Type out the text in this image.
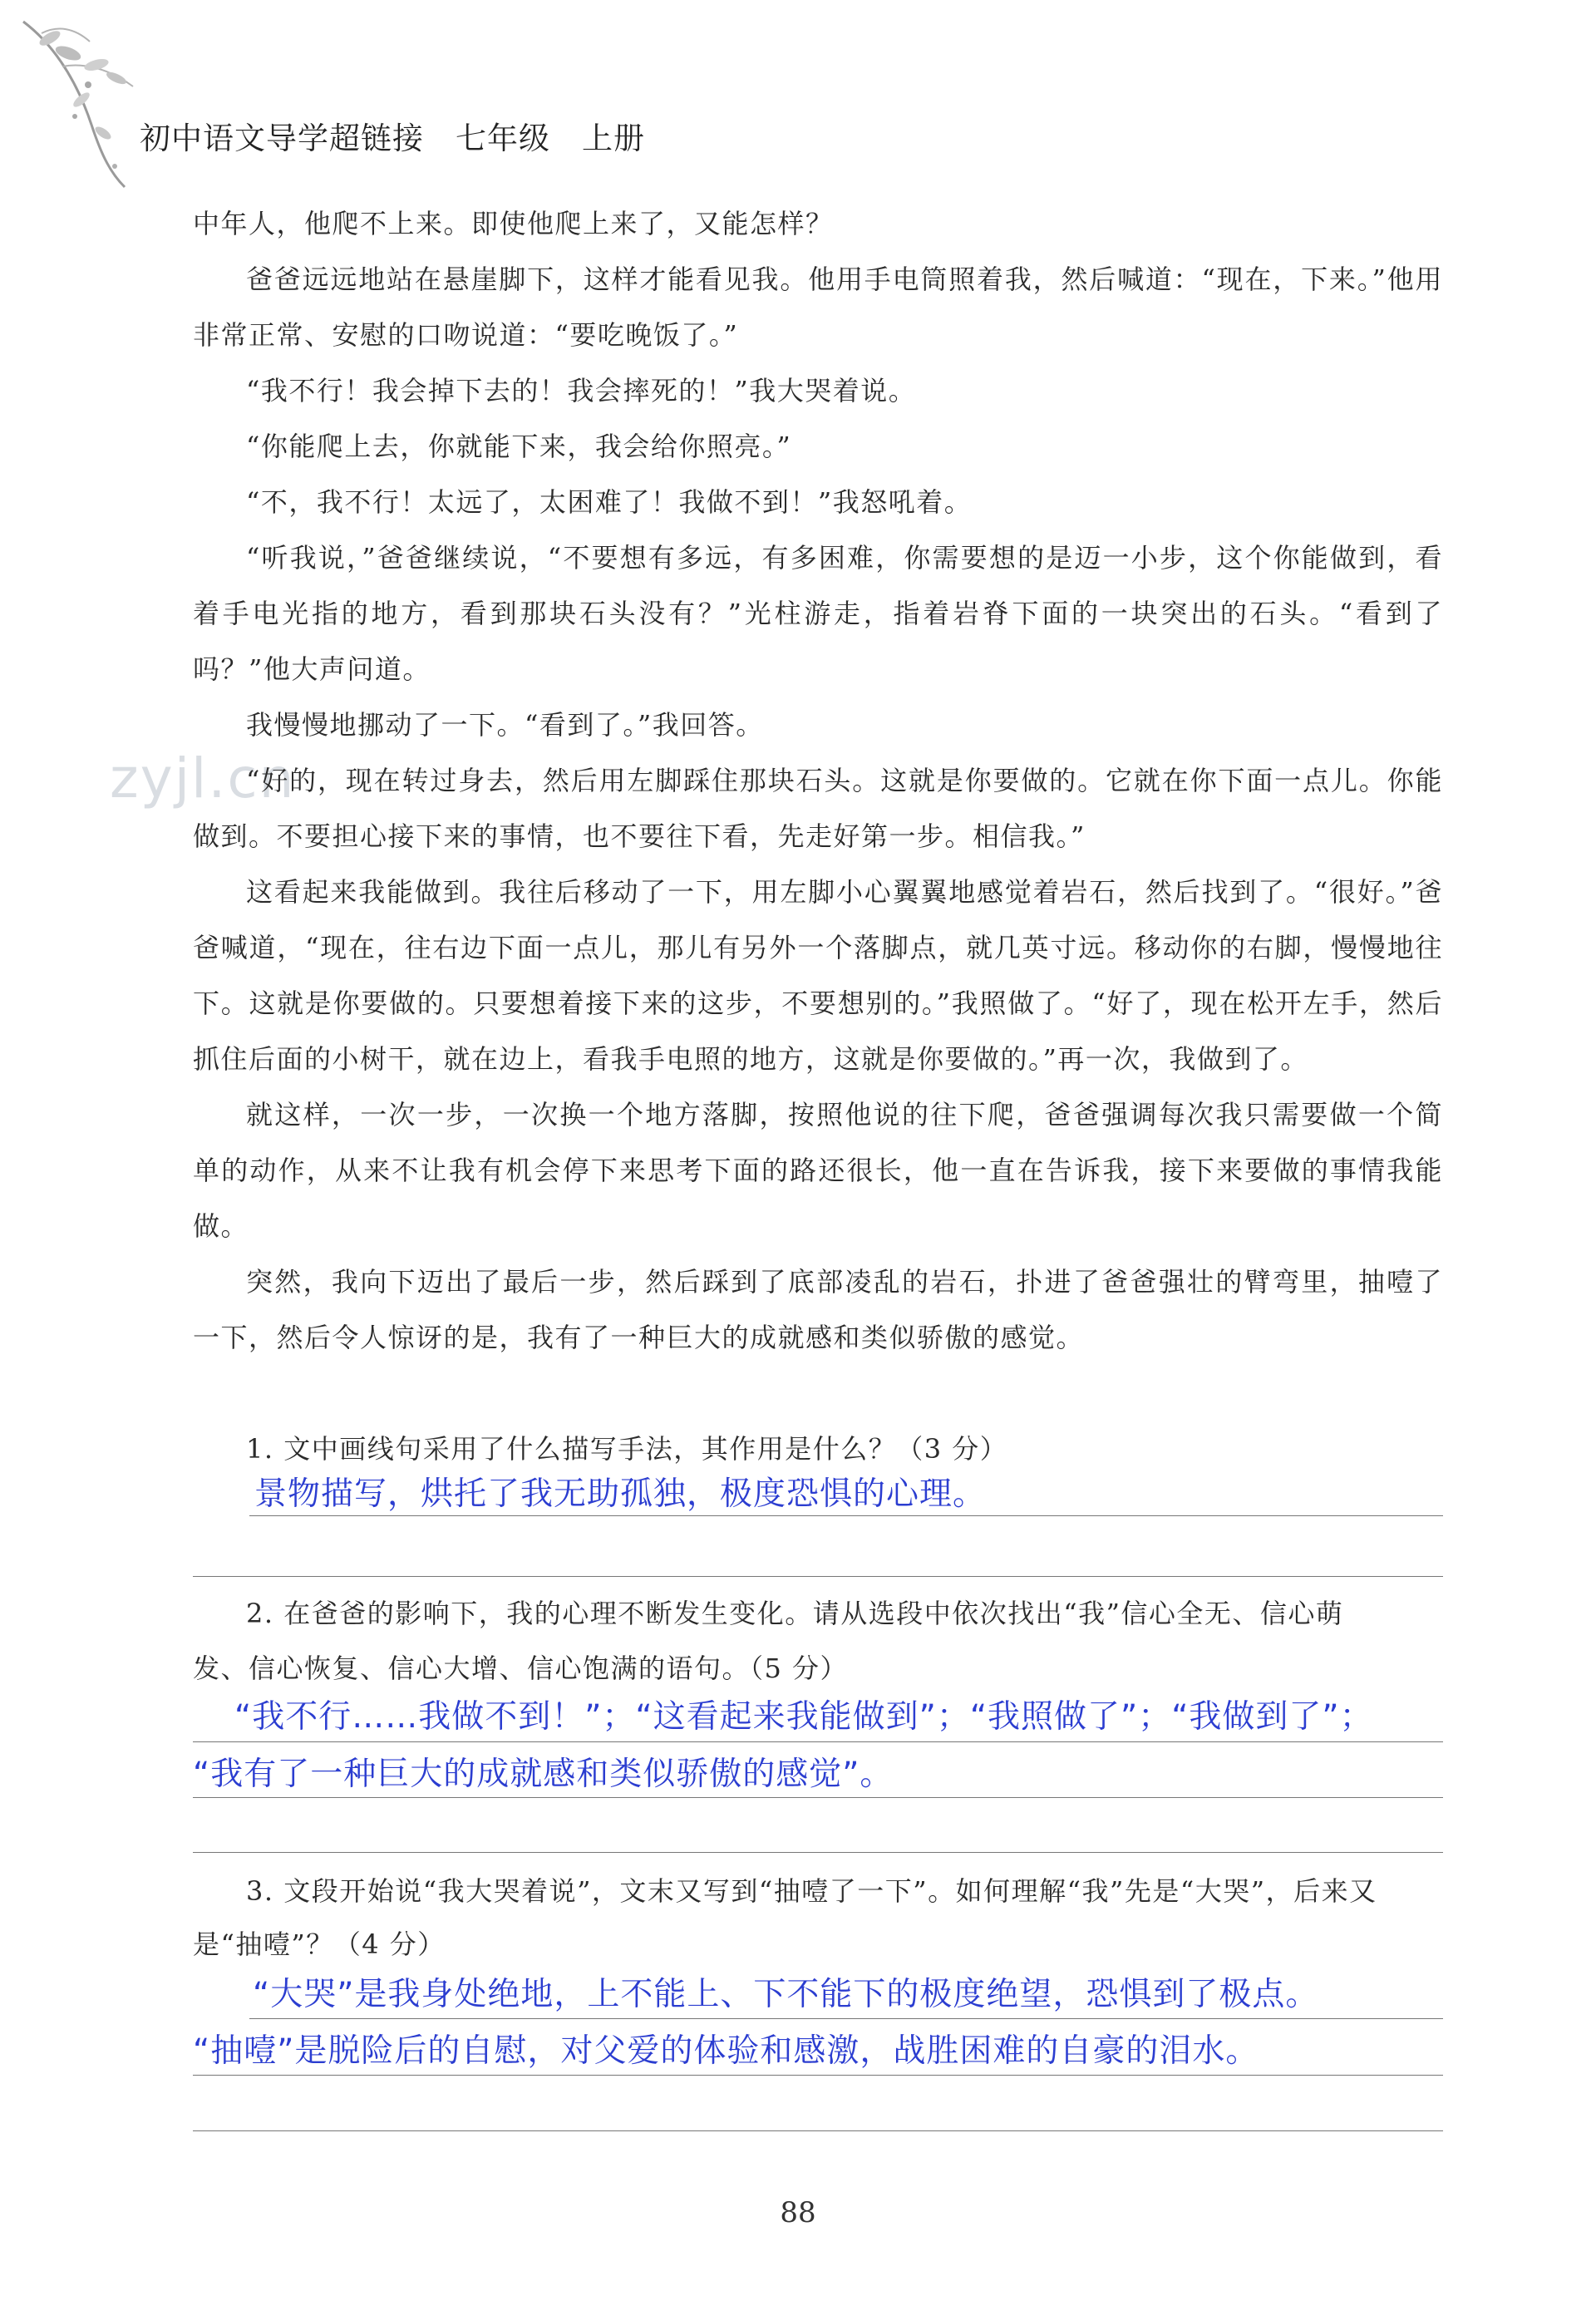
初中语文导学超链接　七年级　上册
zyjl.cn

中年人，他爬不上来。即使他爬上来了，又能怎样？

爸爸远远地站在悬崖脚下，这样才能看见我。他用手电筒照着我，然后喊道：“现在，下来。”他用非常正常、安慰的口吻说道：“要吃晚饭了。”

“我不行！我会掉下去的！我会摔死的！”我大哭着说。

“你能爬上去，你就能下来，我会给你照亮。”

“不，我不行！太远了，太困难了！我做不到！”我怒吼着。

“听我说，”爸爸继续说，“不要想有多远，有多困难，你需要想的是迈一小步，这个你能做到，看着手电光指的地方，看到那块石头没有？”光柱游走，指着岩脊下面的一块突出的石头。“看到了吗？”他大声问道。

我慢慢地挪动了一下。“看到了。”我回答。

“好的，现在转过身去，然后用左脚踩住那块石头。这就是你要做的。它就在你下面一点儿。你能做到。不要担心接下来的事情，也不要往下看，先走好第一步。相信我。”

这看起来我能做到。我往后移动了一下，用左脚小心翼翼地感觉着岩石，然后找到了。“很好。”爸爸喊道，“现在，往右边下面一点儿，那儿有另外一个落脚点，就几英寸远。移动你的右脚，慢慢地往下。这就是你要做的。只要想着接下来的这步，不要想别的。”我照做了。“好了，现在松开左手，然后抓住后面的小树干，就在边上，看我手电照的地方，这就是你要做的。”再一次，我做到了。

就这样，一次一步，一次换一个地方落脚，按照他说的往下爬，爸爸强调每次我只需要做一个简单的动作，从来不让我有机会停下来思考下面的路还很长，他一直在告诉我，接下来要做的事情我能做。

突然，我向下迈出了最后一步，然后踩到了底部凌乱的岩石，扑进了爸爸强壮的臂弯里，抽噎了一下，然后令人惊讶的是，我有了一种巨大的成就感和类似骄傲的感觉。

1. 文中画线句采用了什么描写手法，其作用是什么？（3 分）
景物描写，烘托了我无助孤独，极度恐惧的心理。
2. 在爸爸的影响下，我的心理不断发生变化。请从选段中依次找出“我”信心全无、信心萌
发、信心恢复、信心大增、信心饱满的语句。（5 分）
“我不行……我做不到！”；“这看起来我能做到”；“我照做了”；“我做到了”；
“我有了一种巨大的成就感和类似骄傲的感觉”。
3. 文段开始说“我大哭着说”，文末又写到“抽噎了一下”。如何理解“我”先是“大哭”，后来又
是“抽噎”？（4 分）
“大哭”是我身处绝地，上不能上、下不能下的极度绝望，恐惧到了极点。
“抽噎”是脱险后的自慰，对父爱的体验和感激，战胜困难的自豪的泪水。
88
